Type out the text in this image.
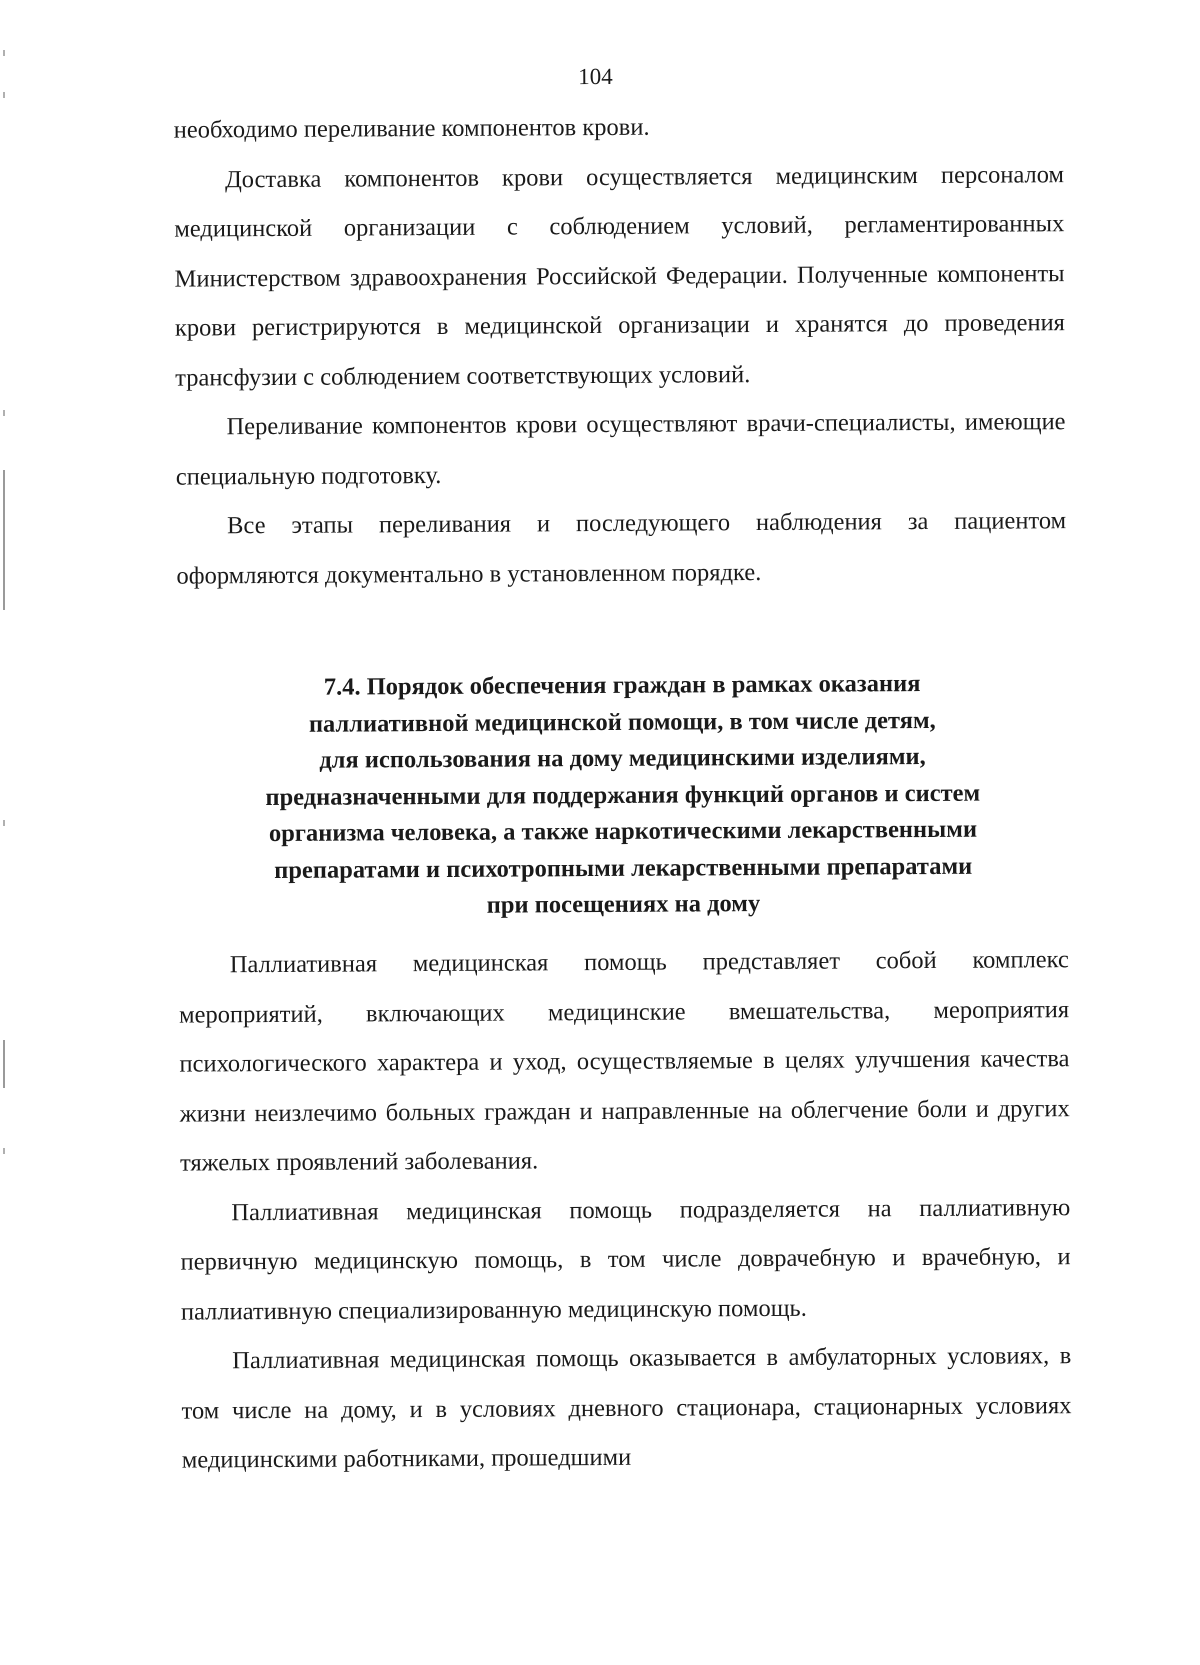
104

необходимо переливание компонентов крови.

Доставка компонентов крови осуществляется медицинским персоналом медицинской организации с соблюдением условий, регламентированных Министерством здравоохранения Российской Федерации. Полученные компоненты крови регистрируются в медицинской организации и хранятся до проведения трансфузии с соблюдением соответствующих условий.

Переливание компонентов крови осуществляют врачи-специалисты, имеющие специальную подготовку.

Все этапы переливания и последующего наблюдения за пациентом оформляются документально в установленном порядке.

7.4. Порядок обеспечения граждан в рамках оказания
паллиативной медицинской помощи, в том числе детям,
для использования на дому медицинскими изделиями,
предназначенными для поддержания функций органов и систем
организма человека, а также наркотическими лекарственными
препаратами и психотропными лекарственными препаратами
при посещениях на дому

Паллиативная медицинская помощь представляет собой комплекс мероприятий, включающих медицинские вмешательства, мероприятия психологического характера и уход, осуществляемые в целях улучшения качества жизни неизлечимо больных граждан и направленные на облегчение боли и других тяжелых проявлений заболевания.

Паллиативная медицинская помощь подразделяется на паллиативную первичную медицинскую помощь, в том числе доврачебную и врачебную, и паллиативную специализированную медицинскую помощь.

Паллиативная медицинская помощь оказывается в амбулаторных условиях, в том числе на дому, и в условиях дневного стационара, стационарных условиях медицинскими работниками, прошедшими
